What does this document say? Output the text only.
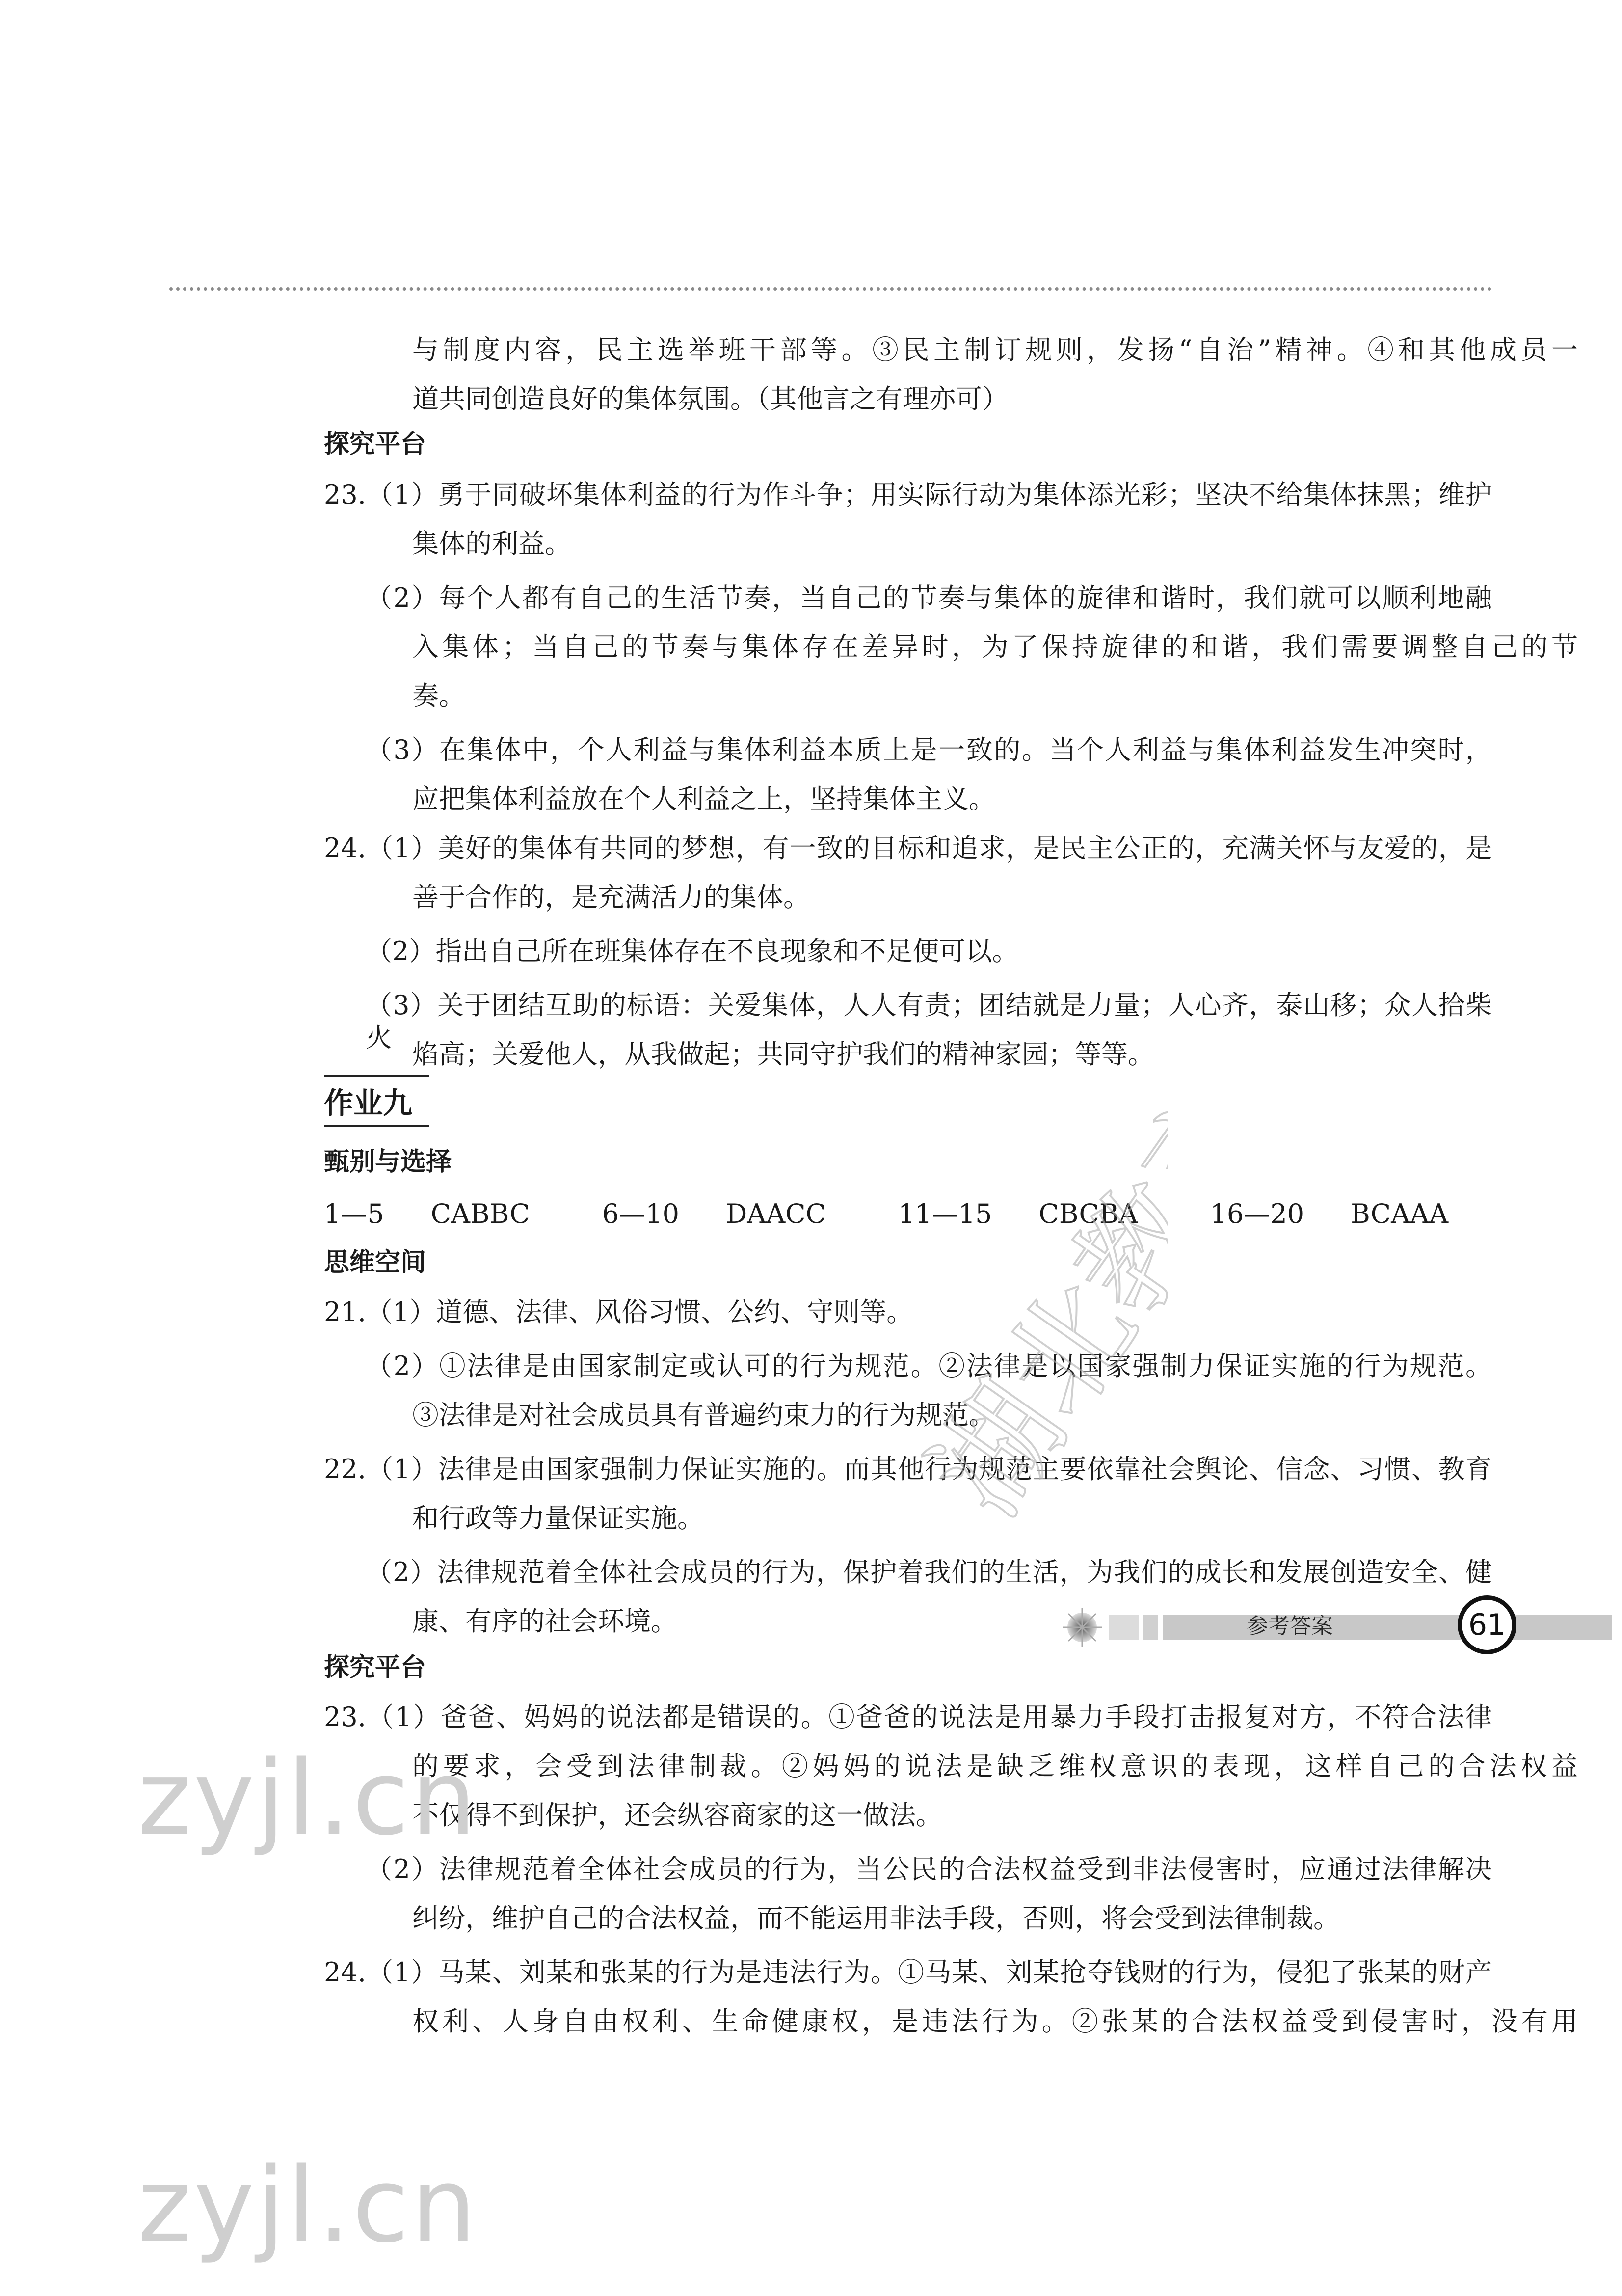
与制度内容，民主选举班干部等。③民主制订规则，发扬“自治”精神。④和其他成员一
道共同创造良好的集体氛围。（其他言之有理亦可）
探究平台
23.（1）勇于同破坏集体利益的行为作斗争；用实际行动为集体添光彩；坚决不给集体抹黑；维护
集体的利益。
（2）每个人都有自己的生活节奏，当自己的节奏与集体的旋律和谐时，我们就可以顺利地融
入集体；当自己的节奏与集体存在差异时，为了保持旋律的和谐，我们需要调整自己的节
奏。
（3）在集体中，个人利益与集体利益本质上是一致的。当个人利益与集体利益发生冲突时，
应把集体利益放在个人利益之上，坚持集体主义。
24.（1）美好的集体有共同的梦想，有一致的目标和追求，是民主公正的，充满关怀与友爱的，是
善于合作的，是充满活力的集体。
（2）指出自己所在班集体存在不良现象和不足便可以。
（3）关于团结互助的标语：关爱集体，人人有责；团结就是力量；人心齐，泰山移；众人拾柴火
焰高；关爱他人，从我做起；共同守护我们的精神家园；等等。
作业九
甄别与选择
1—5 CABBC	6—10 DAACC	11—15 CBCBA	16—20 BCAAA
思维空间
21.（1）道德、法律、风俗习惯、公约、守则等。
（2）①法律是由国家制定或认可的行为规范。②法律是以国家强制力保证实施的行为规范。
③法律是对社会成员具有普遍约束力的行为规范。
22.（1）法律是由国家强制力保证实施的。而其他行为规范主要依靠社会舆论、信念、习惯、教育
和行政等力量保证实施。
（2）法律规范着全体社会成员的行为，保护着我们的生活，为我们的成长和发展创造安全、健
康、有序的社会环境。
探究平台
23.（1）爸爸、妈妈的说法都是错误的。①爸爸的说法是用暴力手段打击报复对方，不符合法律
的要求，会受到法律制裁。②妈妈的说法是缺乏维权意识的表现，这样自己的合法权益
不仅得不到保护，还会纵容商家的这一做法。
（2）法律规范着全体社会成员的行为，当公民的合法权益受到非法侵害时，应通过法律解决
纠纷，维护自己的合法权益，而不能运用非法手段，否则，将会受到法律制裁。
24.（1）马某、刘某和张某的行为是违法行为。①马某、刘某抢夺钱财的行为，侵犯了张某的财产
权利、人身自由权利、生命健康权，是违法行为。②张某的合法权益受到侵害时，没有用
湖北教育出版社
zyjl.cn
zyjl.cn
参考答案	61
